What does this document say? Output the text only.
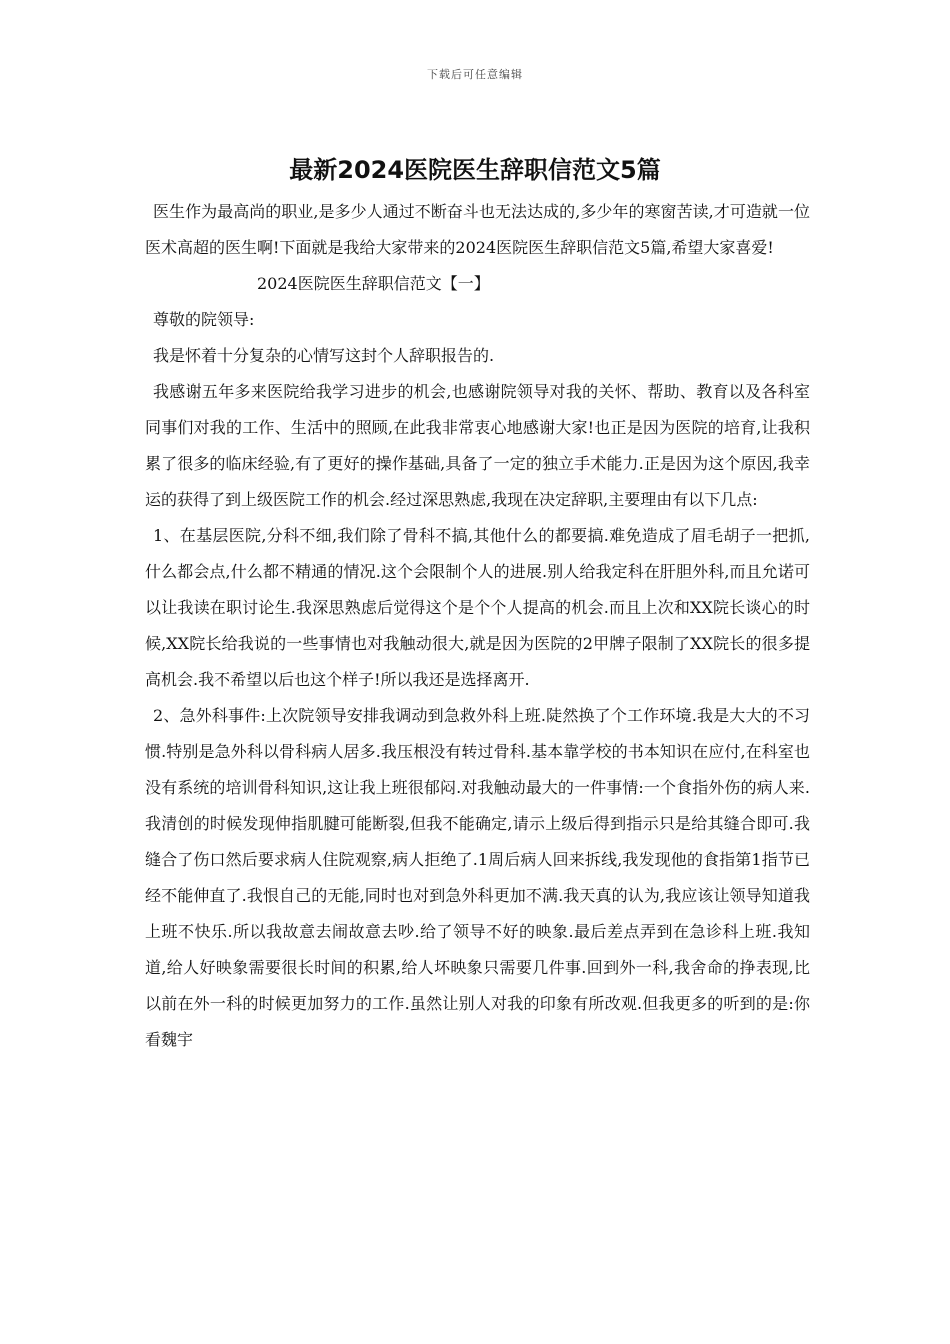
下载后可任意编辑
最新2024医院医生辞职信范文5篇

医生作为最高尚的职业,是多少人通过不断奋斗也无法达成的,多少年的寒窗苦读,才可造就一位医术高超的医生啊!下面就是我给大家带来的2024医院医生辞职信范文5篇,希望大家喜爱!

2024医院医生辞职信范文【一】

尊敬的院领导:

我是怀着十分复杂的心情写这封个人辞职报告的.

我感谢五年多来医院给我学习进步的机会,也感谢院领导对我的关怀、帮助、教育以及各科室同事们对我的工作、生活中的照顾,在此我非常衷心地感谢大家!也正是因为医院的培育,让我积累了很多的临床经验,有了更好的操作基础,具备了一定的独立手术能力.正是因为这个原因,我幸运的获得了到上级医院工作的机会.经过深思熟虑,我现在决定辞职,主要理由有以下几点:

1、在基层医院,分科不细,我们除了骨科不搞,其他什么的都要搞.难免造成了眉毛胡子一把抓,什么都会点,什么都不精通的情况.这个会限制个人的进展.别人给我定科在肝胆外科,而且允诺可以让我读在职讨论生.我深思熟虑后觉得这个是个个人提高的机会.而且上次和XX院长谈心的时候,XX院长给我说的一些事情也对我触动很大,就是因为医院的2甲牌子限制了XX院长的很多提高机会.我不希望以后也这个样子!所以我还是选择离开.

2、急外科事件:上次院领导安排我调动到急救外科上班.陡然换了个工作环境.我是大大的不习惯.特别是急外科以骨科病人居多.我压根没有转过骨科.基本靠学校的书本知识在应付,在科室也没有系统的培训骨科知识,这让我上班很郁闷.对我触动最大的一件事情:一个食指外伤的病人来.我清创的时候发现伸指肌腱可能断裂,但我不能确定,请示上级后得到指示只是给其缝合即可.我缝合了伤口然后要求病人住院观察,病人拒绝了.1周后病人回来拆线,我发现他的食指第1指节已经不能伸直了.我恨自己的无能,同时也对到急外科更加不满.我天真的认为,我应该让领导知道我上班不快乐.所以我故意去闹故意去吵.给了领导不好的映象.最后差点弄到在急诊科上班.我知道,给人好映象需要很长时间的积累,给人坏映象只需要几件事.回到外一科,我舍命的挣表现,比以前在外一科的时候更加努力的工作.虽然让别人对我的印象有所改观.但我更多的听到的是:你看魏宇
